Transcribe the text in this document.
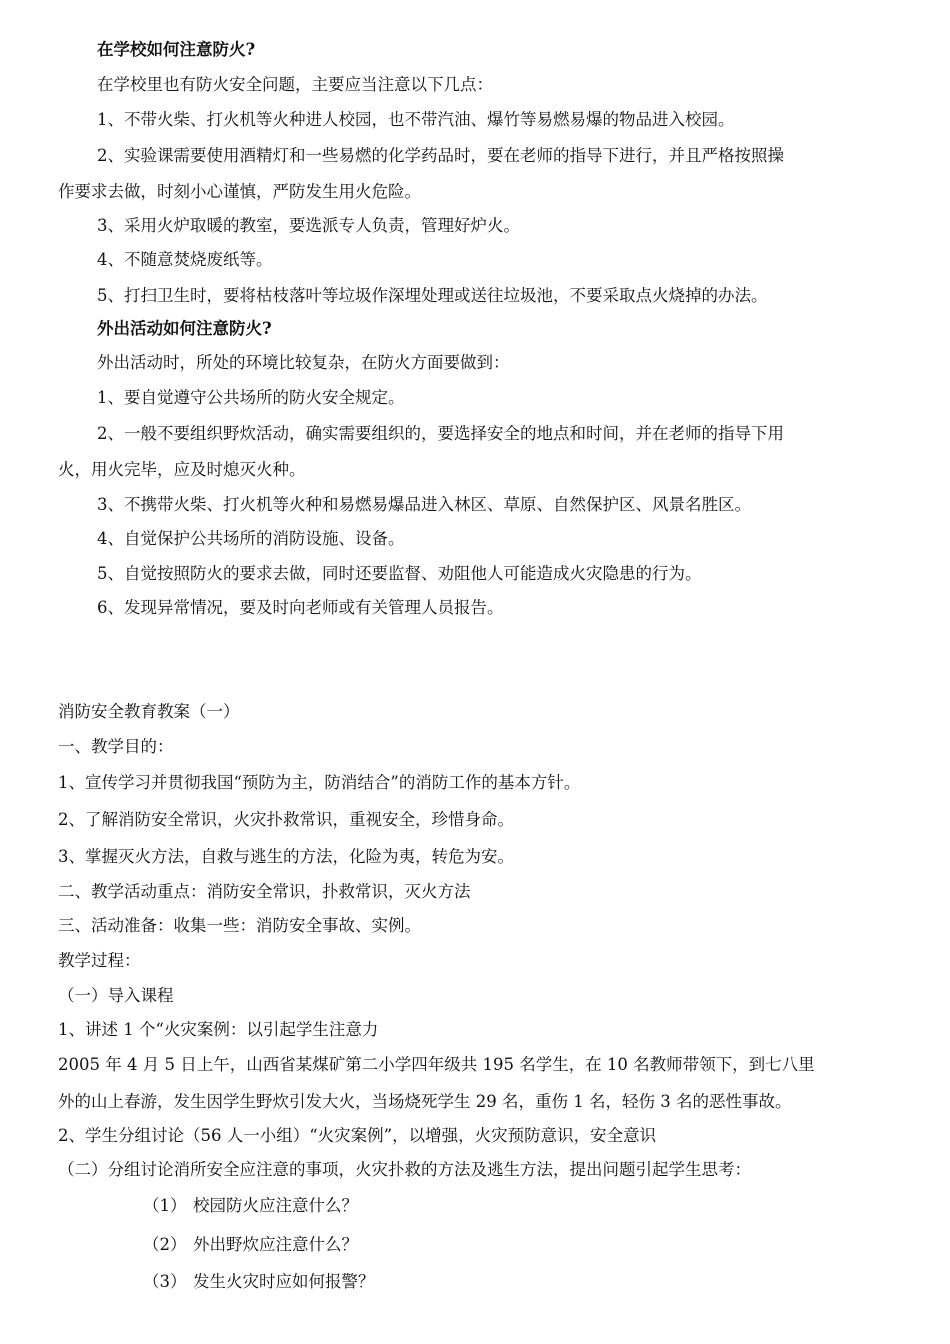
在学校如何注意防火?
在学校里也有防火安全问题，主要应当注意以下几点：
1、不带火柴、打火机等火种进人校园，也不带汽油、爆竹等易燃易爆的物品进入校园。
2、实验课需要使用酒精灯和一些易燃的化学药品时，要在老师的指导下进行，并且严格按照操
作要求去做，时刻小心谨慎，严防发生用火危险。
3、采用火炉取暖的教室，要选派专人负责，管理好炉火。
4、不随意焚烧废纸等。
5、打扫卫生时，要将枯枝落叶等垃圾作深埋处理或送往垃圾池，不要采取点火烧掉的办法。
外出活动如何注意防火?
外出活动时，所处的环境比较复杂，在防火方面要做到：
1、要自觉遵守公共场所的防火安全规定。
2、一般不要组织野炊活动，确实需要组织的，要选择安全的地点和时间，并在老师的指导下用
火，用火完毕，应及时熄灭火种。
3、不携带火柴、打火机等火种和易燃易爆品进入林区、草原、自然保护区、风景名胜区。
4、自觉保护公共场所的消防设施、设备。
5、自觉按照防火的要求去做，同时还要监督、劝阻他人可能造成火灾隐患的行为。
6、发现异常情况，要及时向老师或有关管理人员报告。
消防安全教育教案（一）
一、教学目的：
1、宣传学习并贯彻我国“预防为主，防消结合”的消防工作的基本方针。
2、了解消防安全常识，火灾扑救常识，重视安全，珍惜身命。
3、掌握灭火方法，自救与逃生的方法，化险为夷，转危为安。
二、教学活动重点：消防安全常识，扑救常识，灭火方法
三、活动准备：收集一些：消防安全事故、实例。
教学过程：
（一）导入课程
1、讲述 1 个“火灾案例：以引起学生注意力
2005 年 4 月 5 日上午，山西省某煤矿第二小学四年级共 195 名学生，在 10 名教师带领下，到七八里
外的山上春游，发生因学生野炊引发大火，当场烧死学生 29 名，重伤 1 名，轻伤 3 名的恶性事故。
2、学生分组讨论（56 人一小组）“火灾案例”，以增强，火灾预防意识，安全意识
（二）分组讨论消所安全应注意的事项，火灾扑救的方法及逃生方法，提出问题引起学生思考：
（1） 校园防火应注意什么？
（2） 外出野炊应注意什么？
（3） 发生火灾时应如何报警？
